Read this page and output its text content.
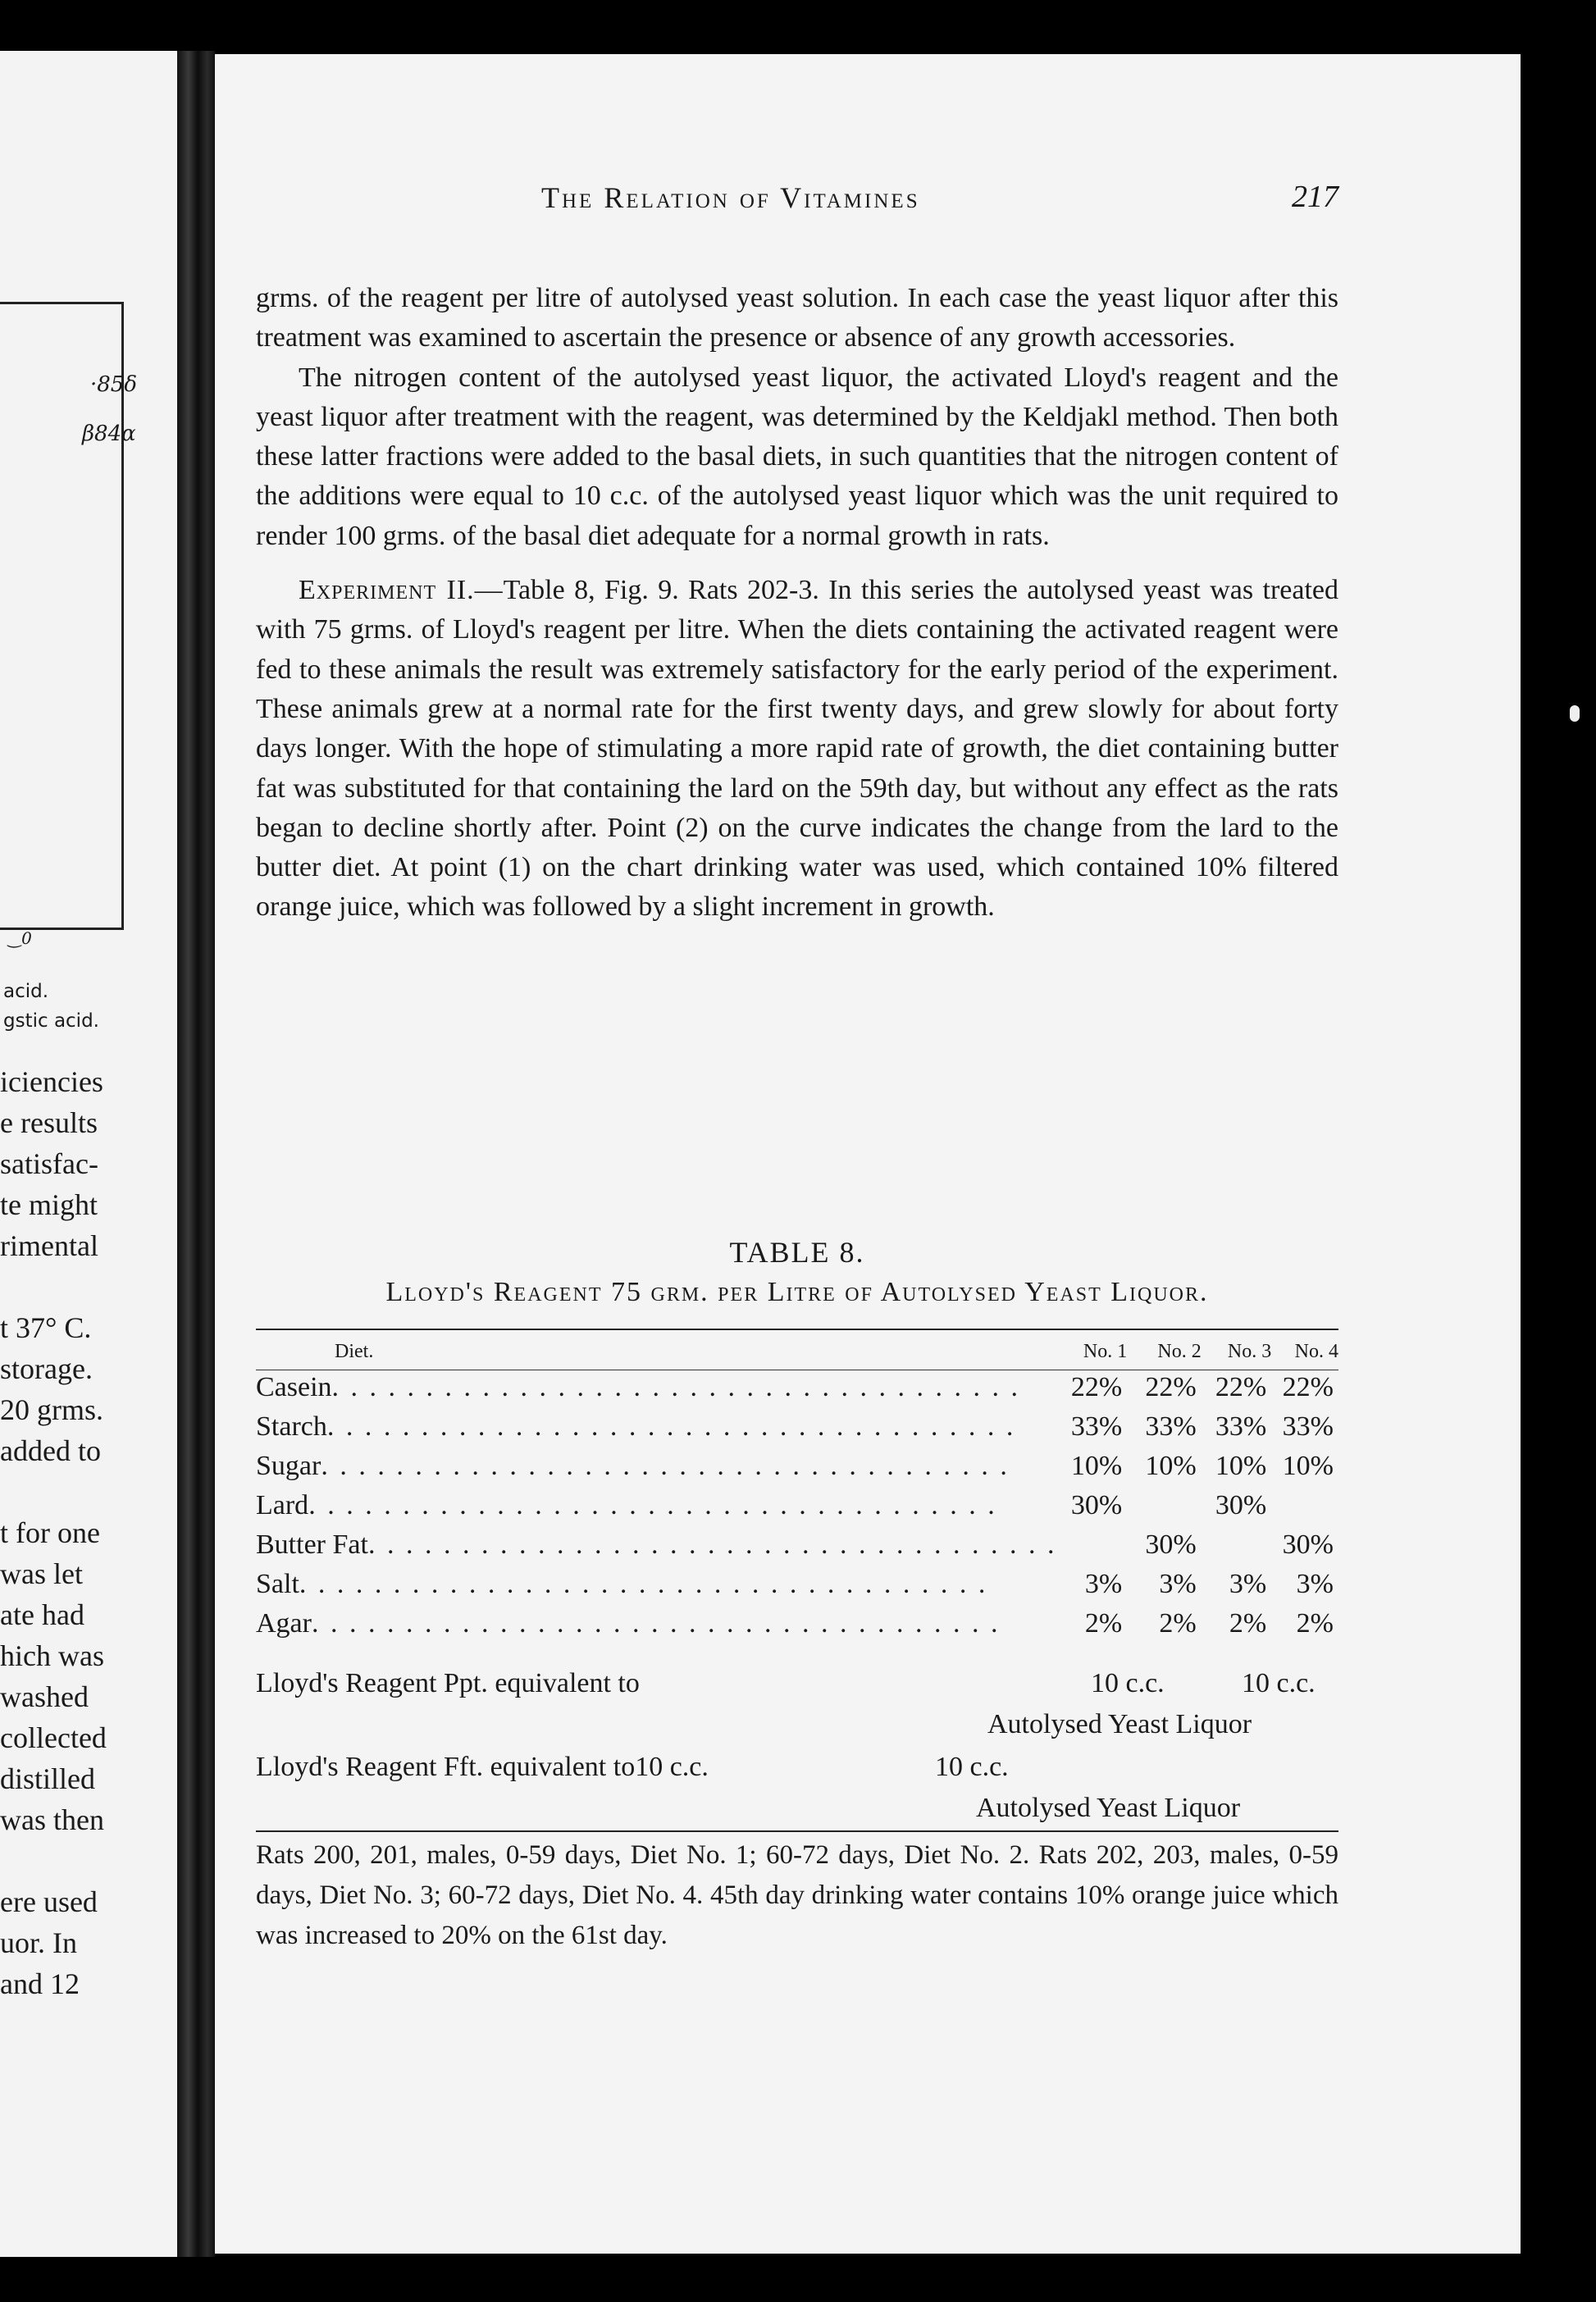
·85δ
β84α
‿0
acid.
gstic acid.
iciencies
e results
satisfac-
te might
rimental
t 37° C.
storage.
20 grms.
added to
t for one
was let
ate had
hich was
washed
collected
distilled
was then
ere used
uor. In
and 12
The Relation of Vitamines	217

grms. of the reagent per litre of autolysed yeast solution. In each case the yeast liquor after this treatment was examined to ascertain the presence or absence of any growth accessories.

The nitrogen content of the autolysed yeast liquor, the activated Lloyd's reagent and the yeast liquor after treatment with the reagent, was determined by the Keldjakl method. Then both these latter fractions were added to the basal diets, in such quantities that the nitrogen content of the additions were equal to 10 c.c. of the autolysed yeast liquor which was the unit required to render 100 grms. of the basal diet adequate for a normal growth in rats.

Experiment II.—Table 8, Fig. 9. Rats 202-3. In this series the autolysed yeast was treated with 75 grms. of Lloyd's reagent per litre. When the diets containing the activated reagent were fed to these animals the result was extremely satisfactory for the early period of the experiment. These animals grew at a normal rate for the first twenty days, and grew slowly for about forty days longer. With the hope of stimulating a more rapid rate of growth, the diet containing butter fat was substituted for that containing the lard on the 59th day, but without any effect as the rats began to decline shortly after. Point (2) on the curve indicates the change from the lard to the butter diet. At point (1) on the chart drinking water was used, which contained 10% filtered orange juice, which was followed by a slight increment in growth.

TABLE 8.
Lloyd's Reagent 75 grm. per Litre of Autolysed Yeast Liquor.
Diet.	No. 1	No. 2	No. 3	No. 4

Casein . . . . . . . . . . . . . . . . . . . . . . . . . . . . . . . . . . . . .	22%	22%	22%	22%

Starch . . . . . . . . . . . . . . . . . . . . . . . . . . . . . . . . . . . . .	33%	33%	33%	33%

Sugar . . . . . . . . . . . . . . . . . . . . . . . . . . . . . . . . . . . . .	10%	10%	10%	10%

Lard . . . . . . . . . . . . . . . . . . . . . . . . . . . . . . . . . . . . .	30%		30%	

Butter Fat . . . . . . . . . . . . . . . . . . . . . . . . . . . . . . . . . . . . .		30%		30%

Salt . . . . . . . . . . . . . . . . . . . . . . . . . . . . . . . . . . . . .	3%	3%	3%	3%

Agar . . . . . . . . . . . . . . . . . . . . . . . . . . . . . . . . . . . . .	2%	2%	2%	2%
Lloyd's Reagent Ppt. equivalent to	10 c.c.	10 c.c.
Autolysed Yeast Liquor
Lloyd's Reagent Fft. equivalent to10 c.c.	10 c.c.
Autolysed Yeast Liquor
Rats 200, 201, males, 0-59 days, Diet No. 1; 60-72 days, Diet No. 2. Rats 202, 203, males, 0-59 days, Diet No. 3; 60-72 days, Diet No. 4. 45th day drinking water contains 10% orange juice which was increased to 20% on the 61st day.
